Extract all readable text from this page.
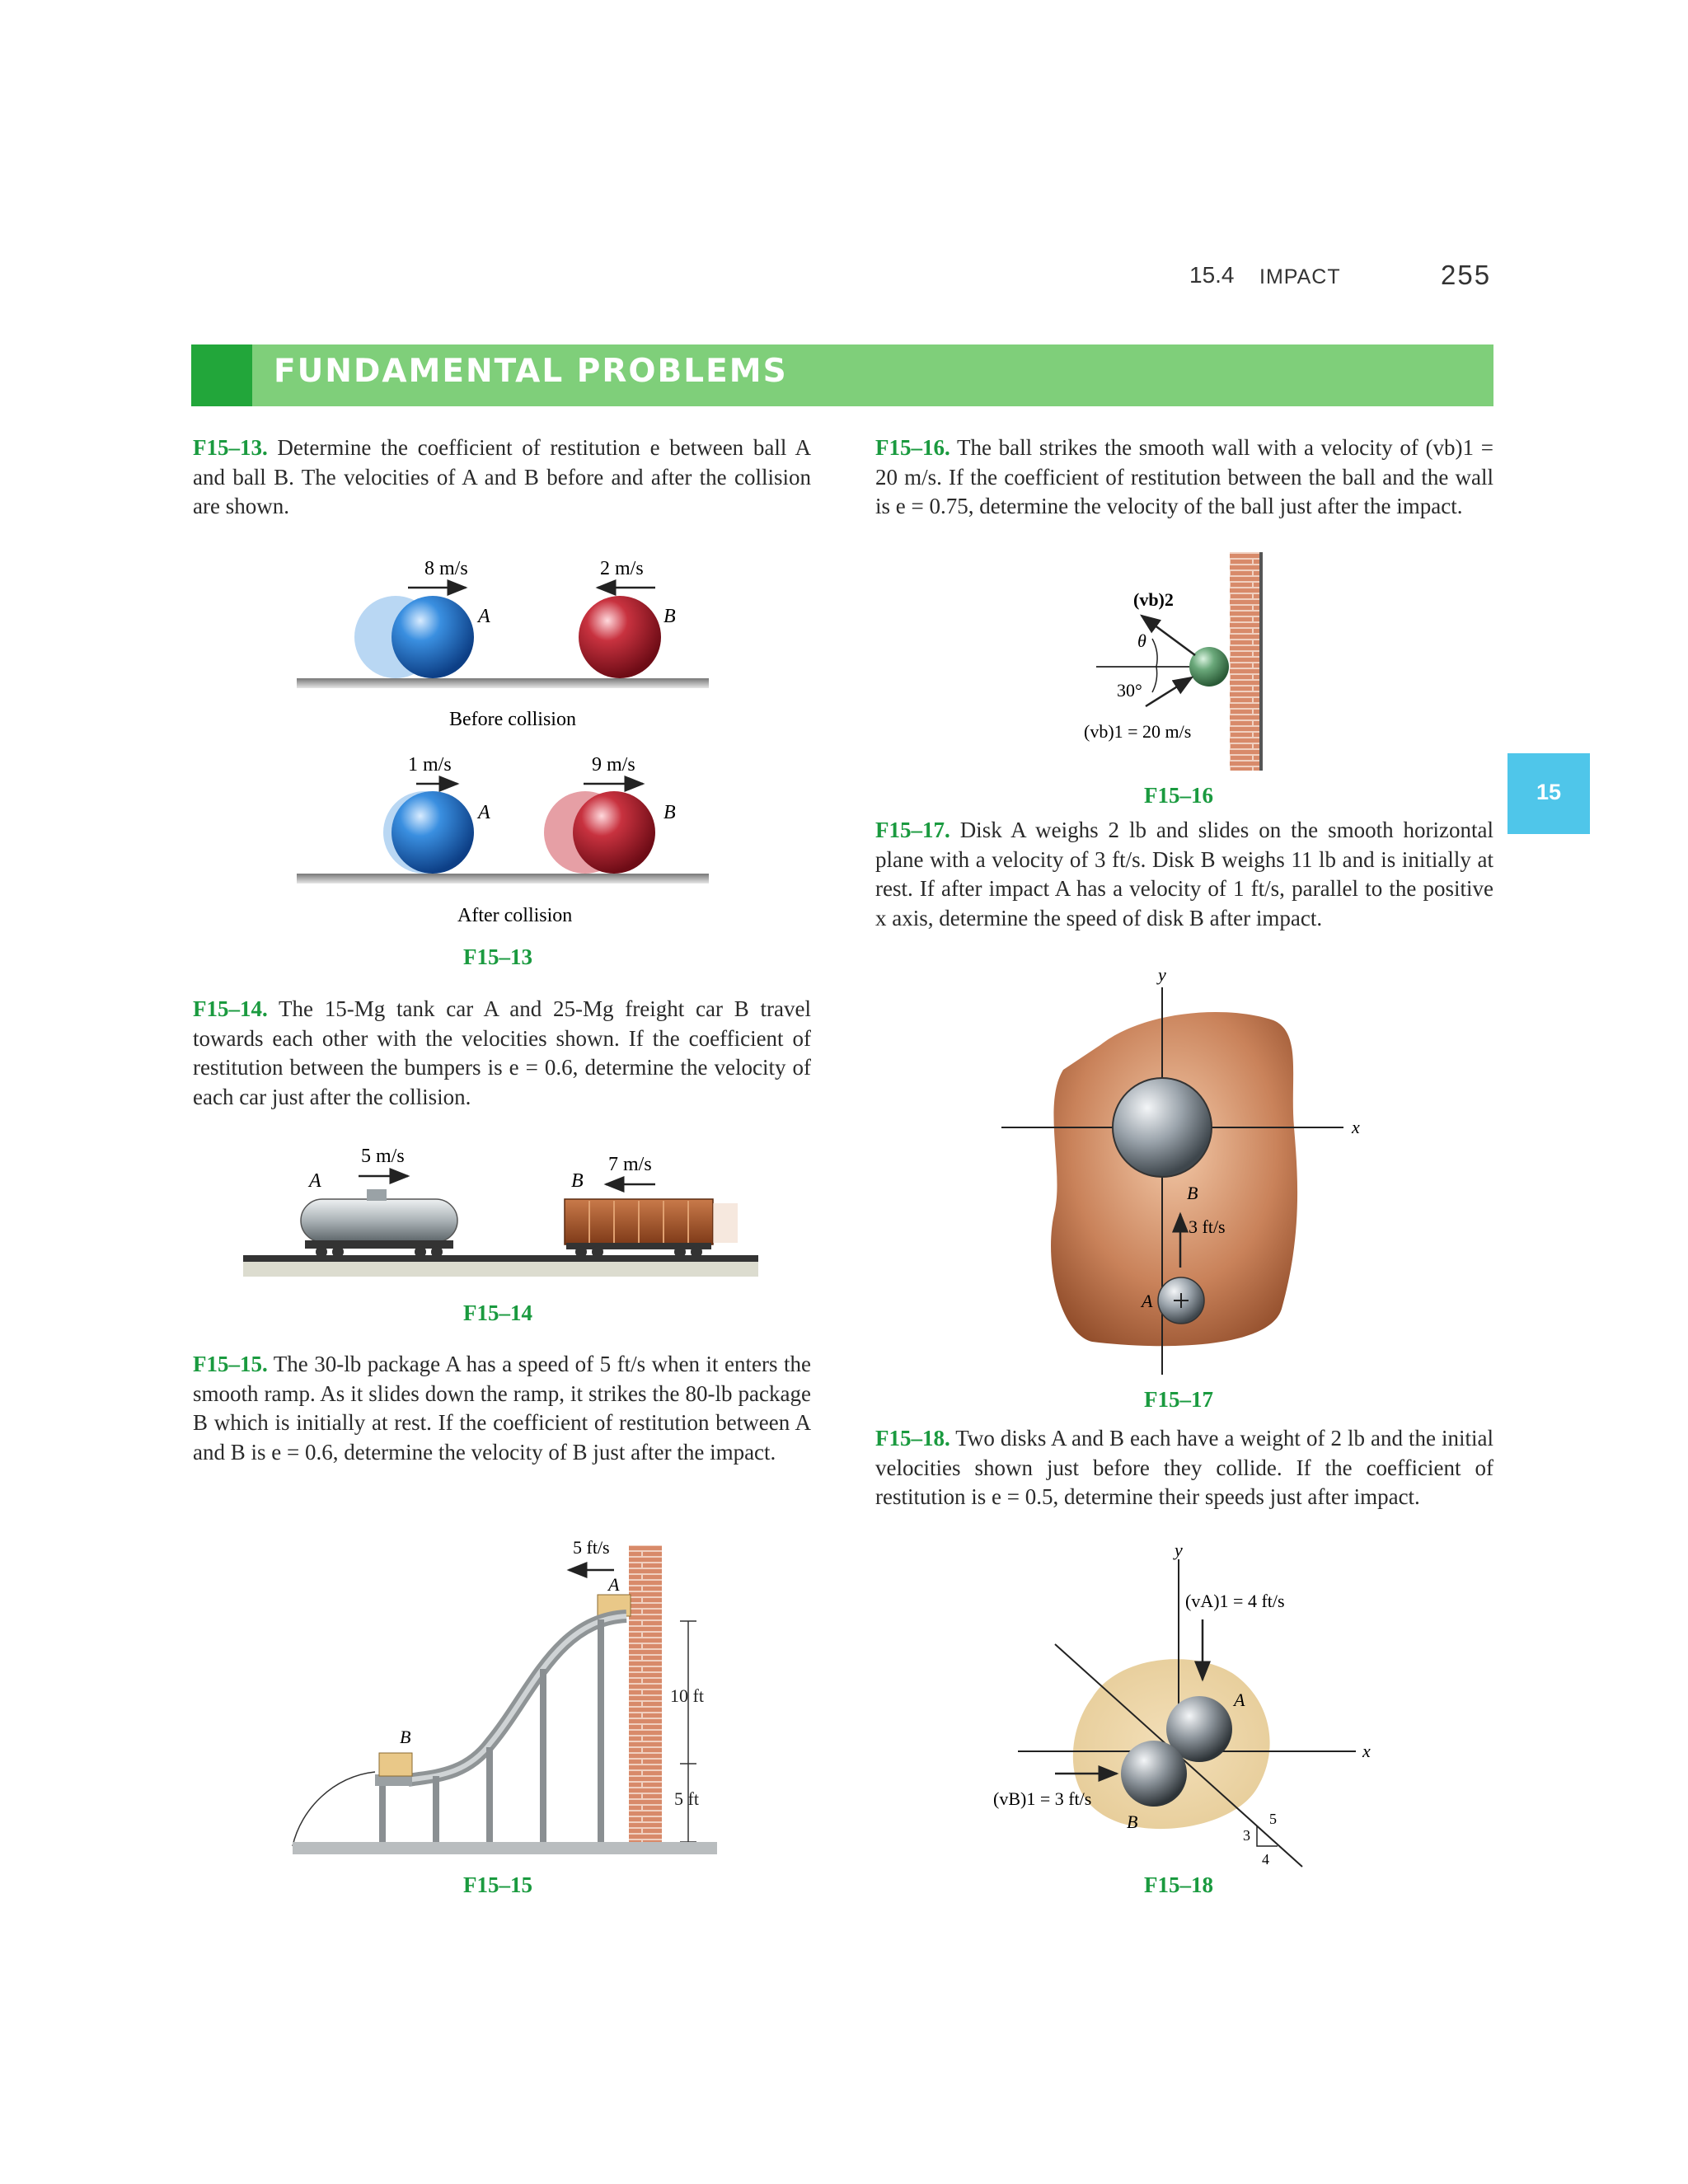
15.4 IMPACT	255
FUNDAMENTAL PROBLEMS
15
F15–13. Determine the coefficient of restitution e between ball A and ball B. The velocities of A and B before and after the collision are shown.
8 m/s	2 m/s
A	B
Before collision
1 m/s	9 m/s
A	B
After collision
F15–13
F15–14. The 15-Mg tank car A and 25-Mg freight car B travel towards each other with the velocities shown. If the coefficient of restitution between the bumpers is e = 0.6, determine the velocity of each car just after the collision.
5 m/s
A
7 m/s
B
F15–14
F15–15. The 30-lb package A has a speed of 5 ft/s when it enters the smooth ramp. As it slides down the ramp, it strikes the 80-lb package B which is initially at rest. If the coefficient of restitution between A and B is e = 0.6, determine the velocity of B just after the impact.
5 ft/s
A
B
10 ft
5 ft
F15–15
F15–16. The ball strikes the smooth wall with a velocity of (vb)1 = 20 m/s. If the coefficient of restitution between the ball and the wall is e = 0.75, determine the velocity of the ball just after the impact.
(vb)2
θ
30°
(vb)1 = 20 m/s
F15–16
F15–17. Disk A weighs 2 lb and slides on the smooth horizontal plane with a velocity of 3 ft/s. Disk B weighs 11 lb and is initially at rest. If after impact A has a velocity of 1 ft/s, parallel to the positive x axis, determine the speed of disk B after impact.
y
x
B
3 ft/s
A
F15–17
F15–18. Two disks A and B each have a weight of 2 lb and the initial velocities shown just before they collide. If the coefficient of restitution is e = 0.5, determine their speeds just after impact.
y
x
A
B
(vA)1 = 4 ft/s
(vB)1 = 3 ft/s
3
4
5
F15–18
